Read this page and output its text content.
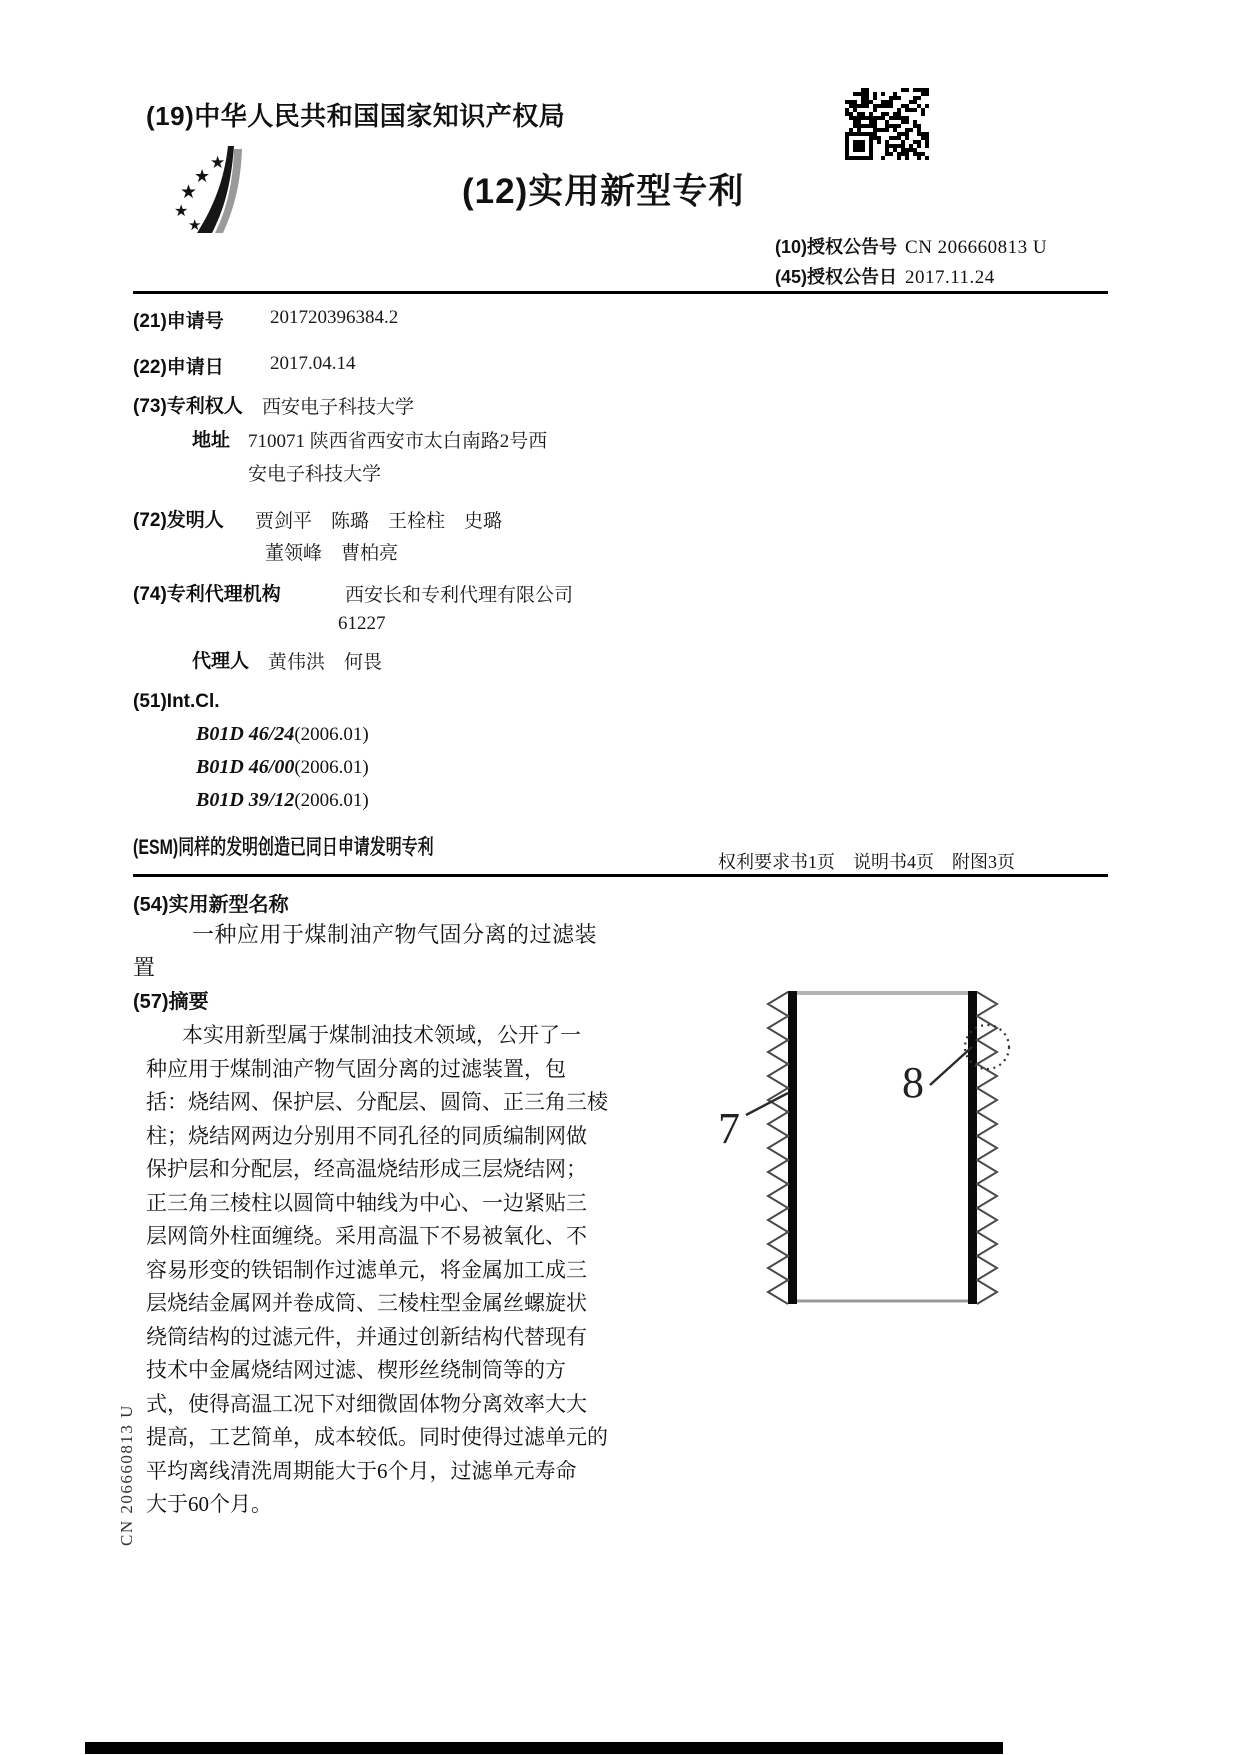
(19)中华人民共和国国家知识产权局
★
★
★
★
★
(12)实用新型专利
(10)授权公告号 CN 206660813 U
(45)授权公告日 2017.11.24
(21)申请号 201720396384.2
(22)申请日 2017.04.14
(73)专利权人 西安电子科技大学
地址 710071 陕西省西安市太白南路2号西
安电子科技大学
(72)发明人 贾剑平　陈璐　王栓柱　史璐
董领峰　曹柏亮
(74)专利代理机构	西安长和专利代理有限公司
61227
代理人 黄伟洪　何畏
(51)Int.Cl.
B01D 46/24(2006.01)
B01D 46/00(2006.01)
B01D 39/12(2006.01)
(ESM)同样的发明创造已同日申请发明专利
权利要求书1页　说明书4页　附图3页
(54)实用新型名称
一种应用于煤制油产物气固分离的过滤装
置
(57)摘要
本实用新型属于煤制油技术领域，公开了一
种应用于煤制油产物气固分离的过滤装置，包
括：烧结网、保护层、分配层、圆筒、正三角三棱
柱；烧结网两边分别用不同孔径的同质编制网做
保护层和分配层，经高温烧结形成三层烧结网；
正三角三棱柱以圆筒中轴线为中心、一边紧贴三
层网筒外柱面缠绕。采用高温下不易被氧化、不
容易形变的铁铝制作过滤单元，将金属加工成三
层烧结金属网并卷成筒、三棱柱型金属丝螺旋状
绕筒结构的过滤元件，并通过创新结构代替现有
技术中金属烧结网过滤、楔形丝绕制筒等的方
式，使得高温工况下对细微固体物分离效率大大
提高，工艺简单，成本较低。同时使得过滤单元的
平均离线清洗周期能大于6个月，过滤单元寿命
大于60个月。
7
8
CN 206660813 U
